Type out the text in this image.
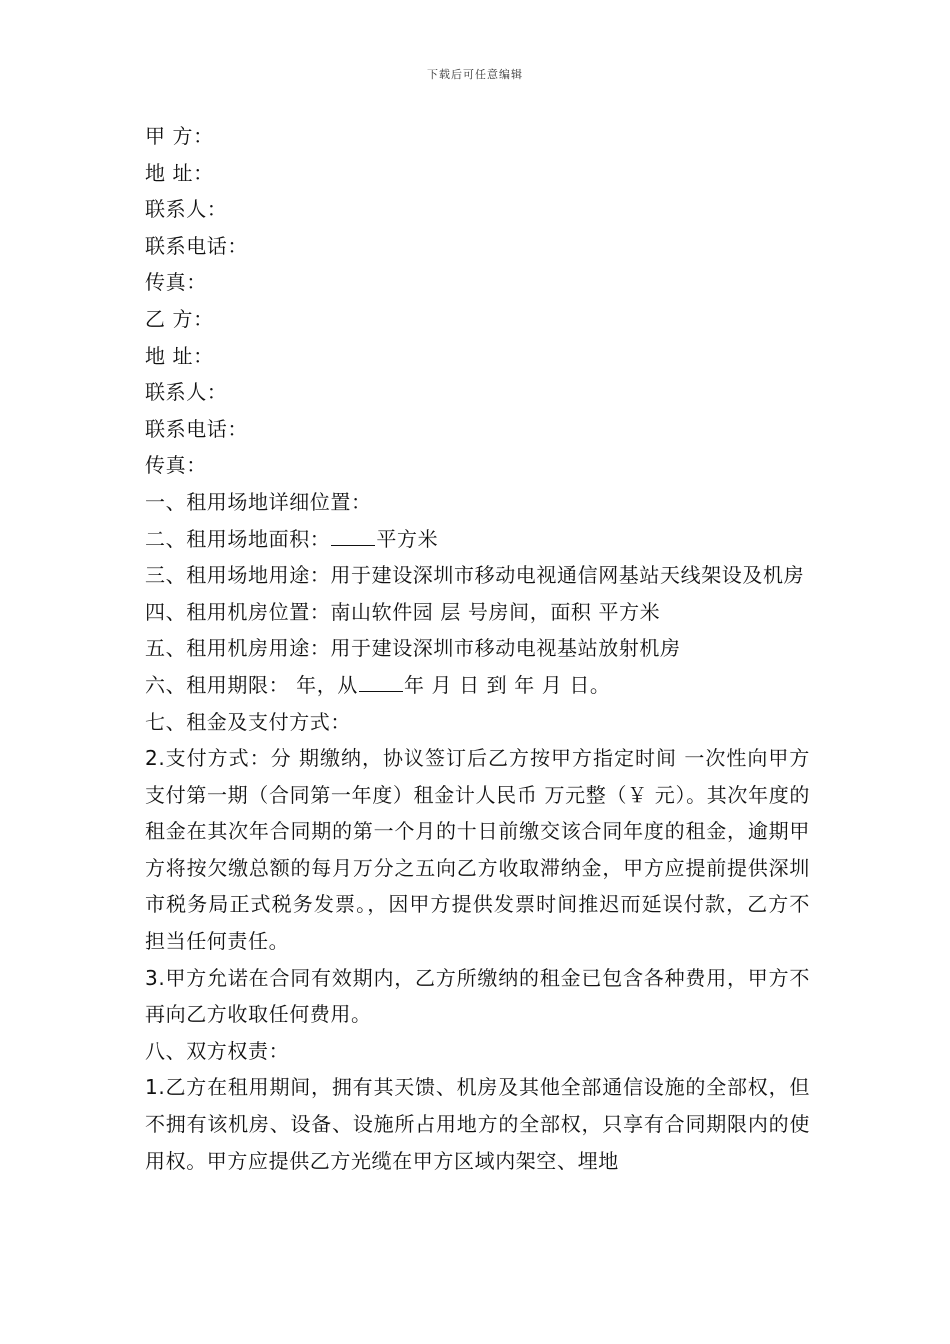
下载后可任意编辑
甲 方：
地 址：
联系人：
联系电话：
传真：
乙 方：
地 址：
联系人：
联系电话：
传真：
一、租用场地详细位置：
二、租用场地面积： 平方米
三、租用场地用途：用于建设深圳市移动电视通信网基站天线架设及机房
四、租用机房位置：南山软件园 层 号房间，面积 平方米
五、租用机房用途：用于建设深圳市移动电视基站放射机房
六、租用期限： 年，从 年 月 日 到 年 月 日。
七、租金及支付方式：
2.支付方式：分 期缴纳，协议签订后乙方按甲方指定时间 一次性向甲方支付第一期（合同第一年度）租金计人民币 万元整（￥ 元）。其次年度的租金在其次年合同期的第一个月的十日前缴交该合同年度的租金，逾期甲方将按欠缴总额的每月万分之五向乙方收取滞纳金，甲方应提前提供深圳市税务局正式税务发票。，因甲方提供发票时间推迟而延误付款，乙方不担当任何责任。
3.甲方允诺在合同有效期内，乙方所缴纳的租金已包含各种费用，甲方不再向乙方收取任何费用。
八、双方权责：
1.乙方在租用期间，拥有其天馈、机房及其他全部通信设施的全部权，但不拥有该机房、设备、设施所占用地方的全部权，只享有合同期限内的使用权。甲方应提供乙方光缆在甲方区域内架空、埋地
